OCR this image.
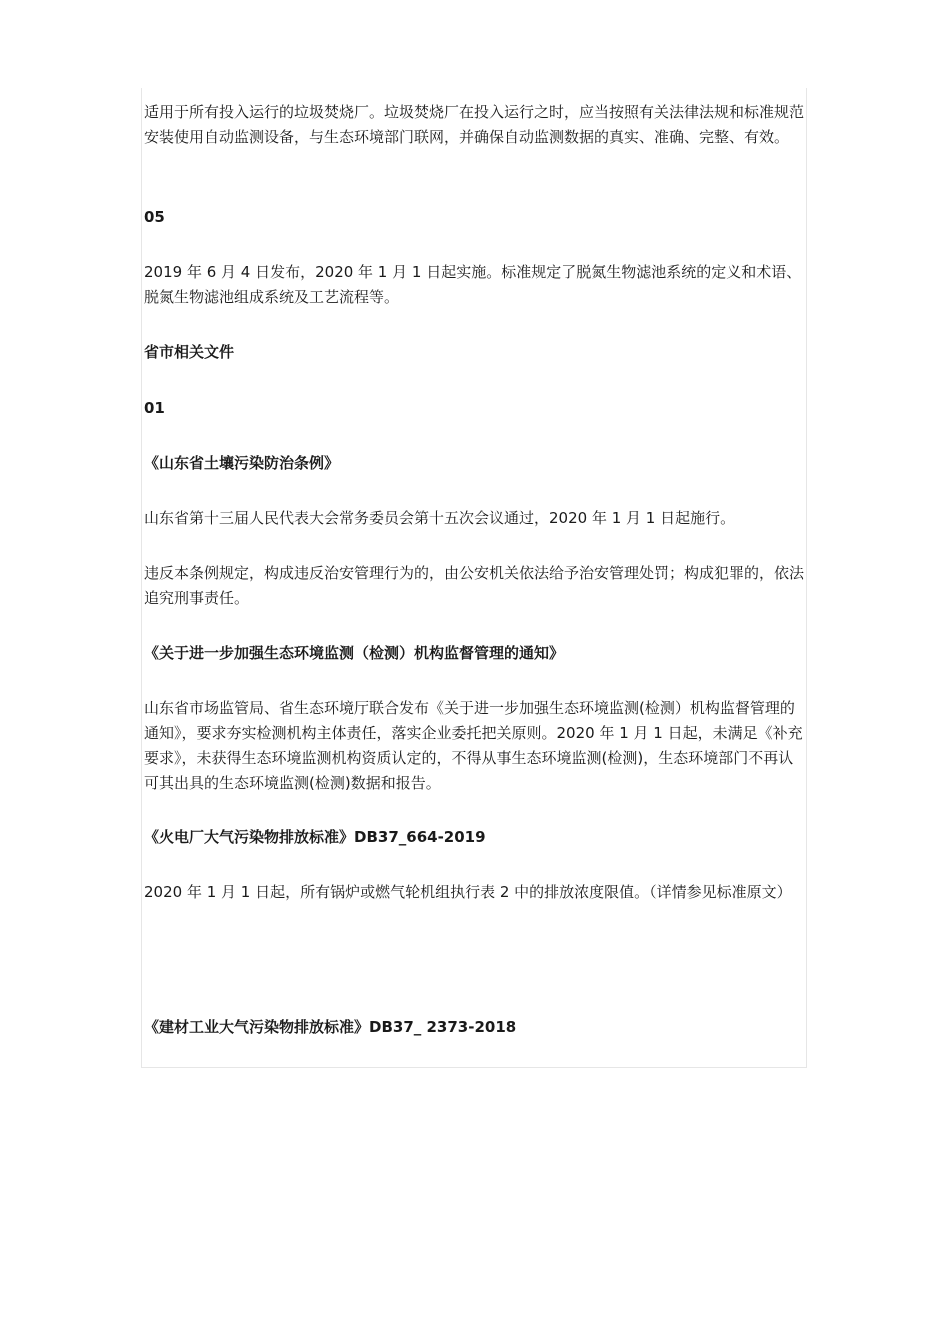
适用于所有投入运行的垃圾焚烧厂。垃圾焚烧厂在投入运行之时，应当按照有关法律法规和标准规范安装使用自动监测设备，与生态环境部门联网，并确保自动监测数据的真实、准确、完整、有效。

05

2019 年 6 月 4 日发布，2020 年 1 月 1 日起实施。标准规定了脱氮生物滤池系统的定义和术语、脱氮生物滤池组成系统及工艺流程等。

省市相关文件

01

《山东省土壤污染防治条例》

山东省第十三届人民代表大会常务委员会第十五次会议通过，2020 年 1 月 1 日起施行。

违反本条例规定，构成违反治安管理行为的，由公安机关依法给予治安管理处罚；构成犯罪的，依法追究刑事责任。

《关于进一步加强生态环境监测（检测）机构监督管理的通知》

山东省市场监管局、省生态环境厅联合发布《关于进一步加强生态环境监测(检测）机构监督管理的通知》，要求夯实检测机构主体责任，落实企业委托把关原则。2020 年 1 月 1 日起，未满足《补充要求》，未获得生态环境监测机构资质认定的，不得从事生态环境监测(检测)，生态环境部门不再认可其出具的生态环境监测(检测)数据和报告。

《火电厂大气污染物排放标准》DB37_664-2019

2020 年 1 月 1 日起，所有锅炉或燃气轮机组执行表 2 中的排放浓度限值。（详情参见标准原文）

《建材工业大气污染物排放标准》DB37_ 2373-2018
